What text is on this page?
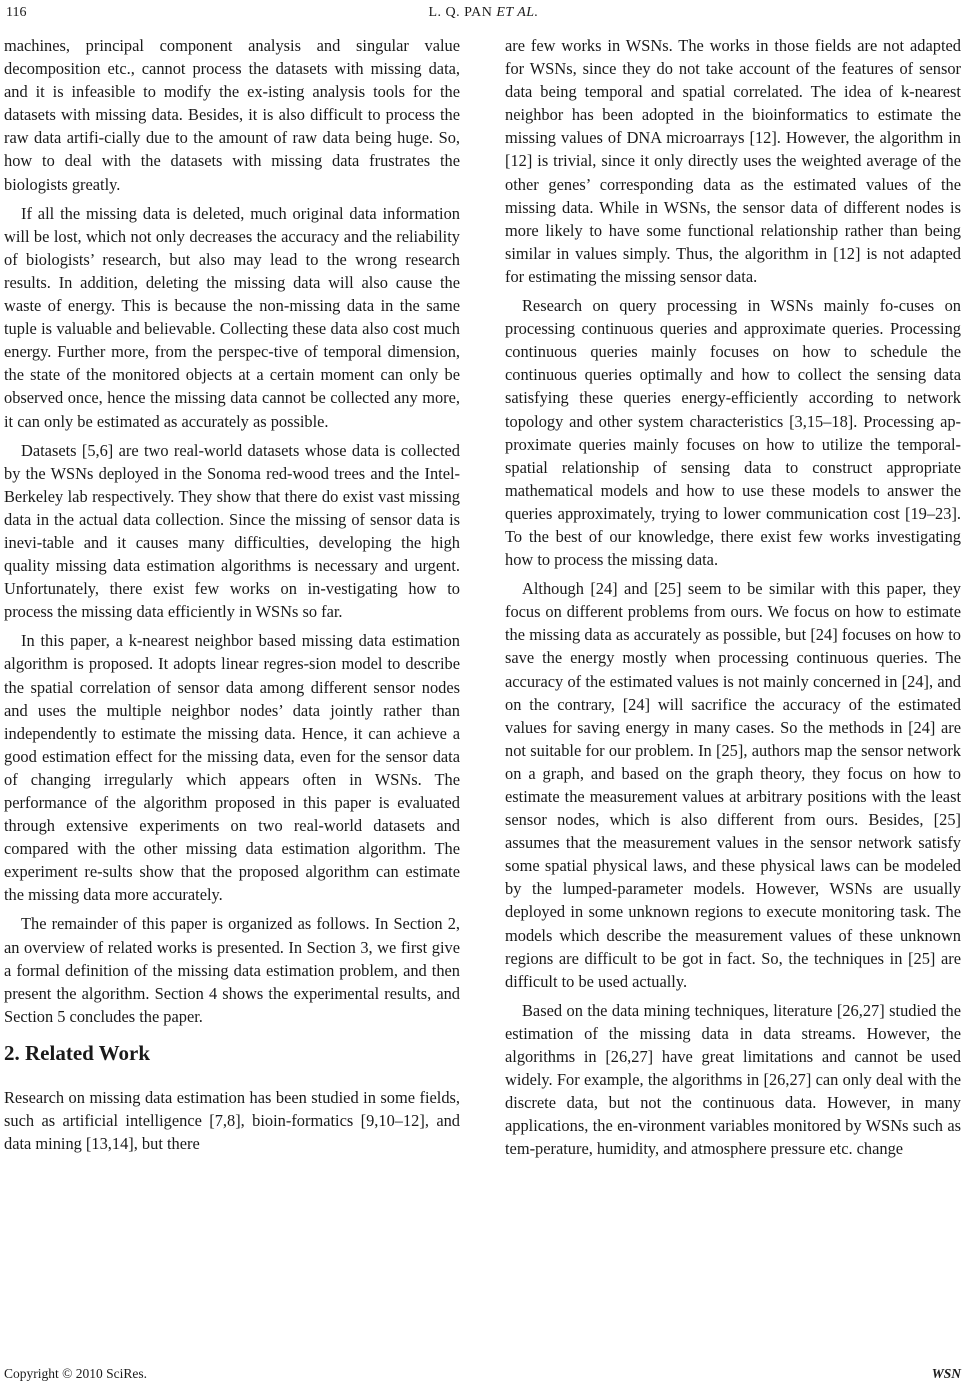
116	L. Q. PAN ET AL.

machines, principal component analysis and singular value decomposition etc., cannot process the datasets with missing data, and it is infeasible to modify the ex-isting analysis tools for the datasets with missing data. Besides, it is also difficult to process the raw data artifi-cially due to the amount of raw data being huge. So, how to deal with the datasets with missing data frustrates the biologists greatly.

If all the missing data is deleted, much original data information will be lost, which not only decreases the accuracy and the reliability of biologists’ research, but also may lead to the wrong research results. In addition, deleting the missing data will also cause the waste of energy. This is because the non-missing data in the same tuple is valuable and believable. Collecting these data also cost much energy. Further more, from the perspec-tive of temporal dimension, the state of the monitored objects at a certain moment can only be observed once, hence the missing data cannot be collected any more, it can only be estimated as accurately as possible.

Datasets [5,6] are two real-world datasets whose data is collected by the WSNs deployed in the Sonoma red-wood trees and the Intel-Berkeley lab respectively. They show that there do exist vast missing data in the actual data collection. Since the missing of sensor data is inevi-table and it causes many difficulties, developing the high quality missing data estimation algorithms is necessary and urgent. Unfortunately, there exist few works on in-vestigating how to process the missing data efficiently in WSNs so far.

In this paper, a k-nearest neighbor based missing data estimation algorithm is proposed. It adopts linear regres-sion model to describe the spatial correlation of sensor data among different sensor nodes and uses the multiple neighbor nodes’ data jointly rather than independently to estimate the missing data. Hence, it can achieve a good estimation effect for the missing data, even for the sensor data of changing irregularly which appears often in WSNs. The performance of the algorithm proposed in this paper is evaluated through extensive experiments on two real-world datasets and compared with the other missing data estimation algorithm. The experiment re-sults show that the proposed algorithm can estimate the missing data more accurately.

The remainder of this paper is organized as follows. In Section 2, an overview of related works is presented. In Section 3, we first give a formal definition of the missing data estimation problem, and then present the algorithm. Section 4 shows the experimental results, and Section 5 concludes the paper.

2. Related Work

Research on missing data estimation has been studied in some fields, such as artificial intelligence [7,8], bioin-formatics [9,10–12], and data mining [13,14], but there

are few works in WSNs. The works in those fields are not adapted for WSNs, since they do not take account of the features of sensor data being temporal and spatial correlated. The idea of k-nearest neighbor has been adopted in the bioinformatics to estimate the missing values of DNA microarrays [12]. However, the algorithm in [12] is trivial, since it only directly uses the weighted average of the other genes’ corresponding data as the estimated values of the missing data. While in WSNs, the sensor data of different nodes is more likely to have some functional relationship rather than being similar in values simply. Thus, the algorithm in [12] is not adapted for estimating the missing sensor data.

Research on query processing in WSNs mainly fo-cuses on processing continuous queries and approximate queries. Processing continuous queries mainly focuses on how to schedule the continuous queries optimally and how to collect the sensing data satisfying these queries energy-efficiently according to network topology and other system characteristics [3,15–18]. Processing ap-proximate queries mainly focuses on how to utilize the temporal-spatial relationship of sensing data to construct appropriate mathematical models and how to use these models to answer the queries approximately, trying to lower communication cost [19–23]. To the best of our knowledge, there exist few works investigating how to process the missing data.

Although [24] and [25] seem to be similar with this paper, they focus on different problems from ours. We focus on how to estimate the missing data as accurately as possible, but [24] focuses on how to save the energy mostly when processing continuous queries. The accuracy of the estimated values is not mainly concerned in [24], and on the contrary, [24] will sacrifice the accuracy of the estimated values for saving energy in many cases. So the methods in [24] are not suitable for our problem. In [25], authors map the sensor network on a graph, and based on the graph theory, they focus on how to estimate the measurement values at arbitrary positions with the least sensor nodes, which is also different from ours. Besides, [25] assumes that the measurement values in the sensor network satisfy some spatial physical laws, and these physical laws can be modeled by the lumped-parameter models. However, WSNs are usually deployed in some unknown regions to execute monitoring task. The models which describe the measurement values of these unknown regions are difficult to be got in fact. So, the techniques in [25] are difficult to be used actually.

Based on the data mining techniques, literature [26,27] studied the estimation of the missing data in data streams. However, the algorithms in [26,27] have great limitations and cannot be used widely. For example, the algorithms in [26,27] can only deal with the discrete data, but not the continuous data. However, in many applications, the en-vironment variables monitored by WSNs such as tem-perature, humidity, and atmosphere pressure etc. change

Copyright © 2010 SciRes.	WSN
